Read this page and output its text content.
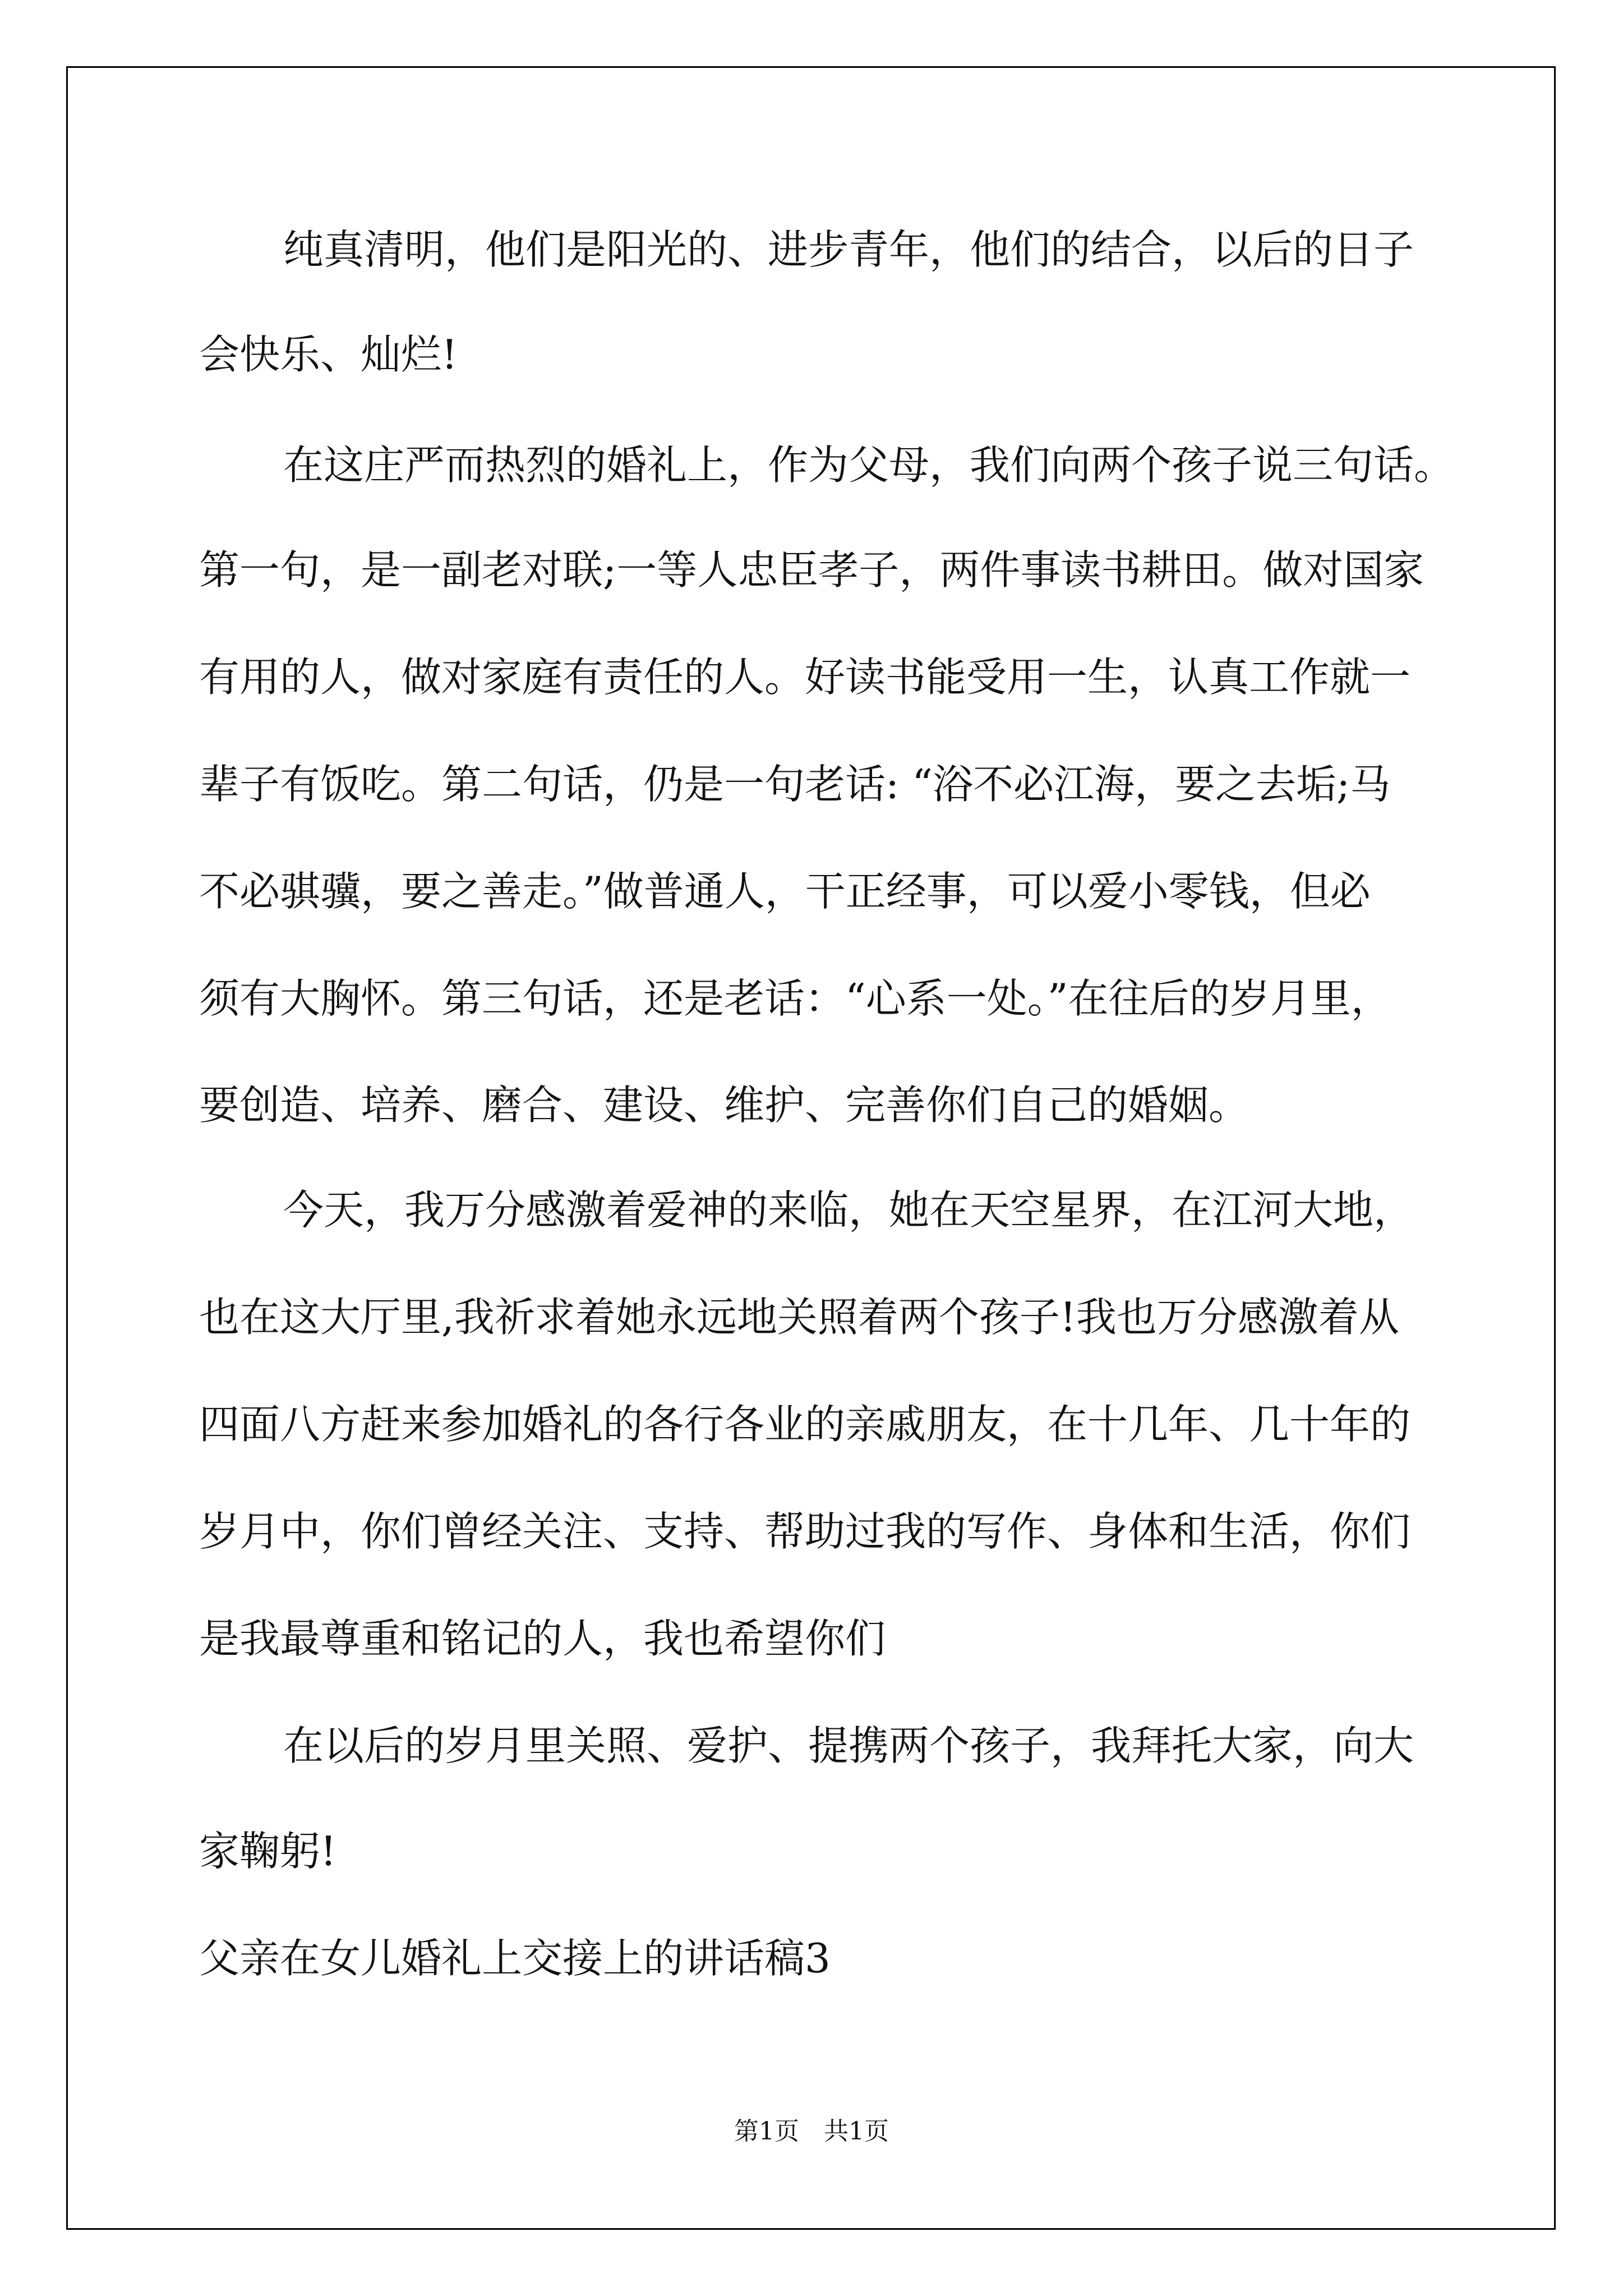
纯真清明，他们是阳光的、进步青年，他们的结合，以后的日子

会快乐、灿烂!

在这庄严而热烈的婚礼上，作为父母，我们向两个孩子说三句话。

第一句，是一副老对联;一等人忠臣孝子，两件事读书耕田。做对国家

有用的人，做对家庭有责任的人。好读书能受用一生，认真工作就一

辈子有饭吃。第二句话，仍是一句老话: “浴不必江海，要之去垢;马

不必骐骥，要之善走。”做普通人，干正经事，可以爱小零钱，但必

须有大胸怀。第三句话，还是老话：“心系一处。”在往后的岁月里，

要创造、培养、磨合、建设、维护、完善你们自己的婚姻。

今天，我万分感激着爱神的来临，她在天空星界，在江河大地，

也在这大厅里,我祈求着她永远地关照着两个孩子!我也万分感激着从

四面八方赶来参加婚礼的各行各业的亲戚朋友，在十几年、几十年的

岁月中，你们曾经关注、支持、帮助过我的写作、身体和生活，你们

是我最尊重和铭记的人，我也希望你们

在以后的岁月里关照、爱护、提携两个孩子，我拜托大家，向大

家鞠躬!

父亲在女儿婚礼上交接上的讲话稿3

第1页　共1页
